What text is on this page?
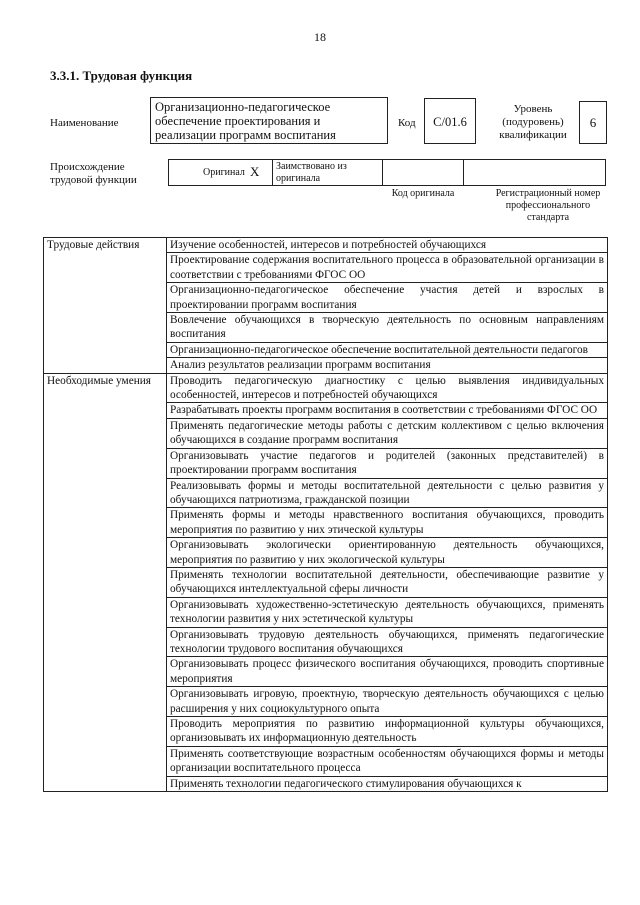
18
3.3.1. Трудовая функция
Наименование
Организационно-педагогическое обеспечение проектирования и реализации программ воспитания
Код	С/01.6
Уровень (подуровень) квалификации
6
Происхождение трудовой функции
Оригинал X Заимствовано из оригинала
Код оригинала	Регистрационный номер профессионального стандарта
Трудовые действия	Изучение особенностей, интересов и потребностей обучающихся
	Проектирование содержания воспитательного процесса в образовательной организации в соответствии с требованиями ФГОС ОО
	Организационно-педагогическое обеспечение участия детей и взрослых в проектировании программ воспитания
	Вовлечение обучающихся в творческую деятельность по основным направлениям воспитания
	Организационно-педагогическое обеспечение воспитательной деятельности педагогов
	Анализ результатов реализации программ воспитания
Необходимые умения	Проводить педагогическую диагностику с целью выявления индивидуальных особенностей, интересов и потребностей обучающихся
	Разрабатывать проекты программ воспитания в соответствии с требованиями ФГОС ОО
	Применять педагогические методы работы с детским коллективом с целью включения обучающихся в создание программ воспитания
	Организовывать участие педагогов и родителей (законных представителей) в проектировании программ воспитания
	Реализовывать формы и методы воспитательной деятельности с целью развития у обучающихся патриотизма, гражданской позиции
	Применять формы и методы нравственного воспитания обучающихся, проводить мероприятия по развитию у них этической культуры
	Организовывать экологически ориентированную деятельность обучающихся, мероприятия по развитию у них экологической культуры
	Применять технологии воспитательной деятельности, обеспечивающие развитие у обучающихся интеллектуальной сферы личности
	Организовывать художественно-эстетическую деятельность обучающихся, применять технологии развития у них эстетической культуры
	Организовывать трудовую деятельность обучающихся, применять педагогические технологии трудового воспитания обучающихся
	Организовывать процесс физического воспитания обучающихся, проводить спортивные мероприятия
	Организовывать игровую, проектную, творческую деятельность обучающихся с целью расширения у них социокультурного опыта
	Проводить мероприятия по развитию информационной культуры обучающихся, организовывать их информационную деятельность
	Применять соответствующие возрастным особенностям обучающихся формы и методы организации воспитательного процесса
	Применять технологии педагогического стимулирования обучающихся к
